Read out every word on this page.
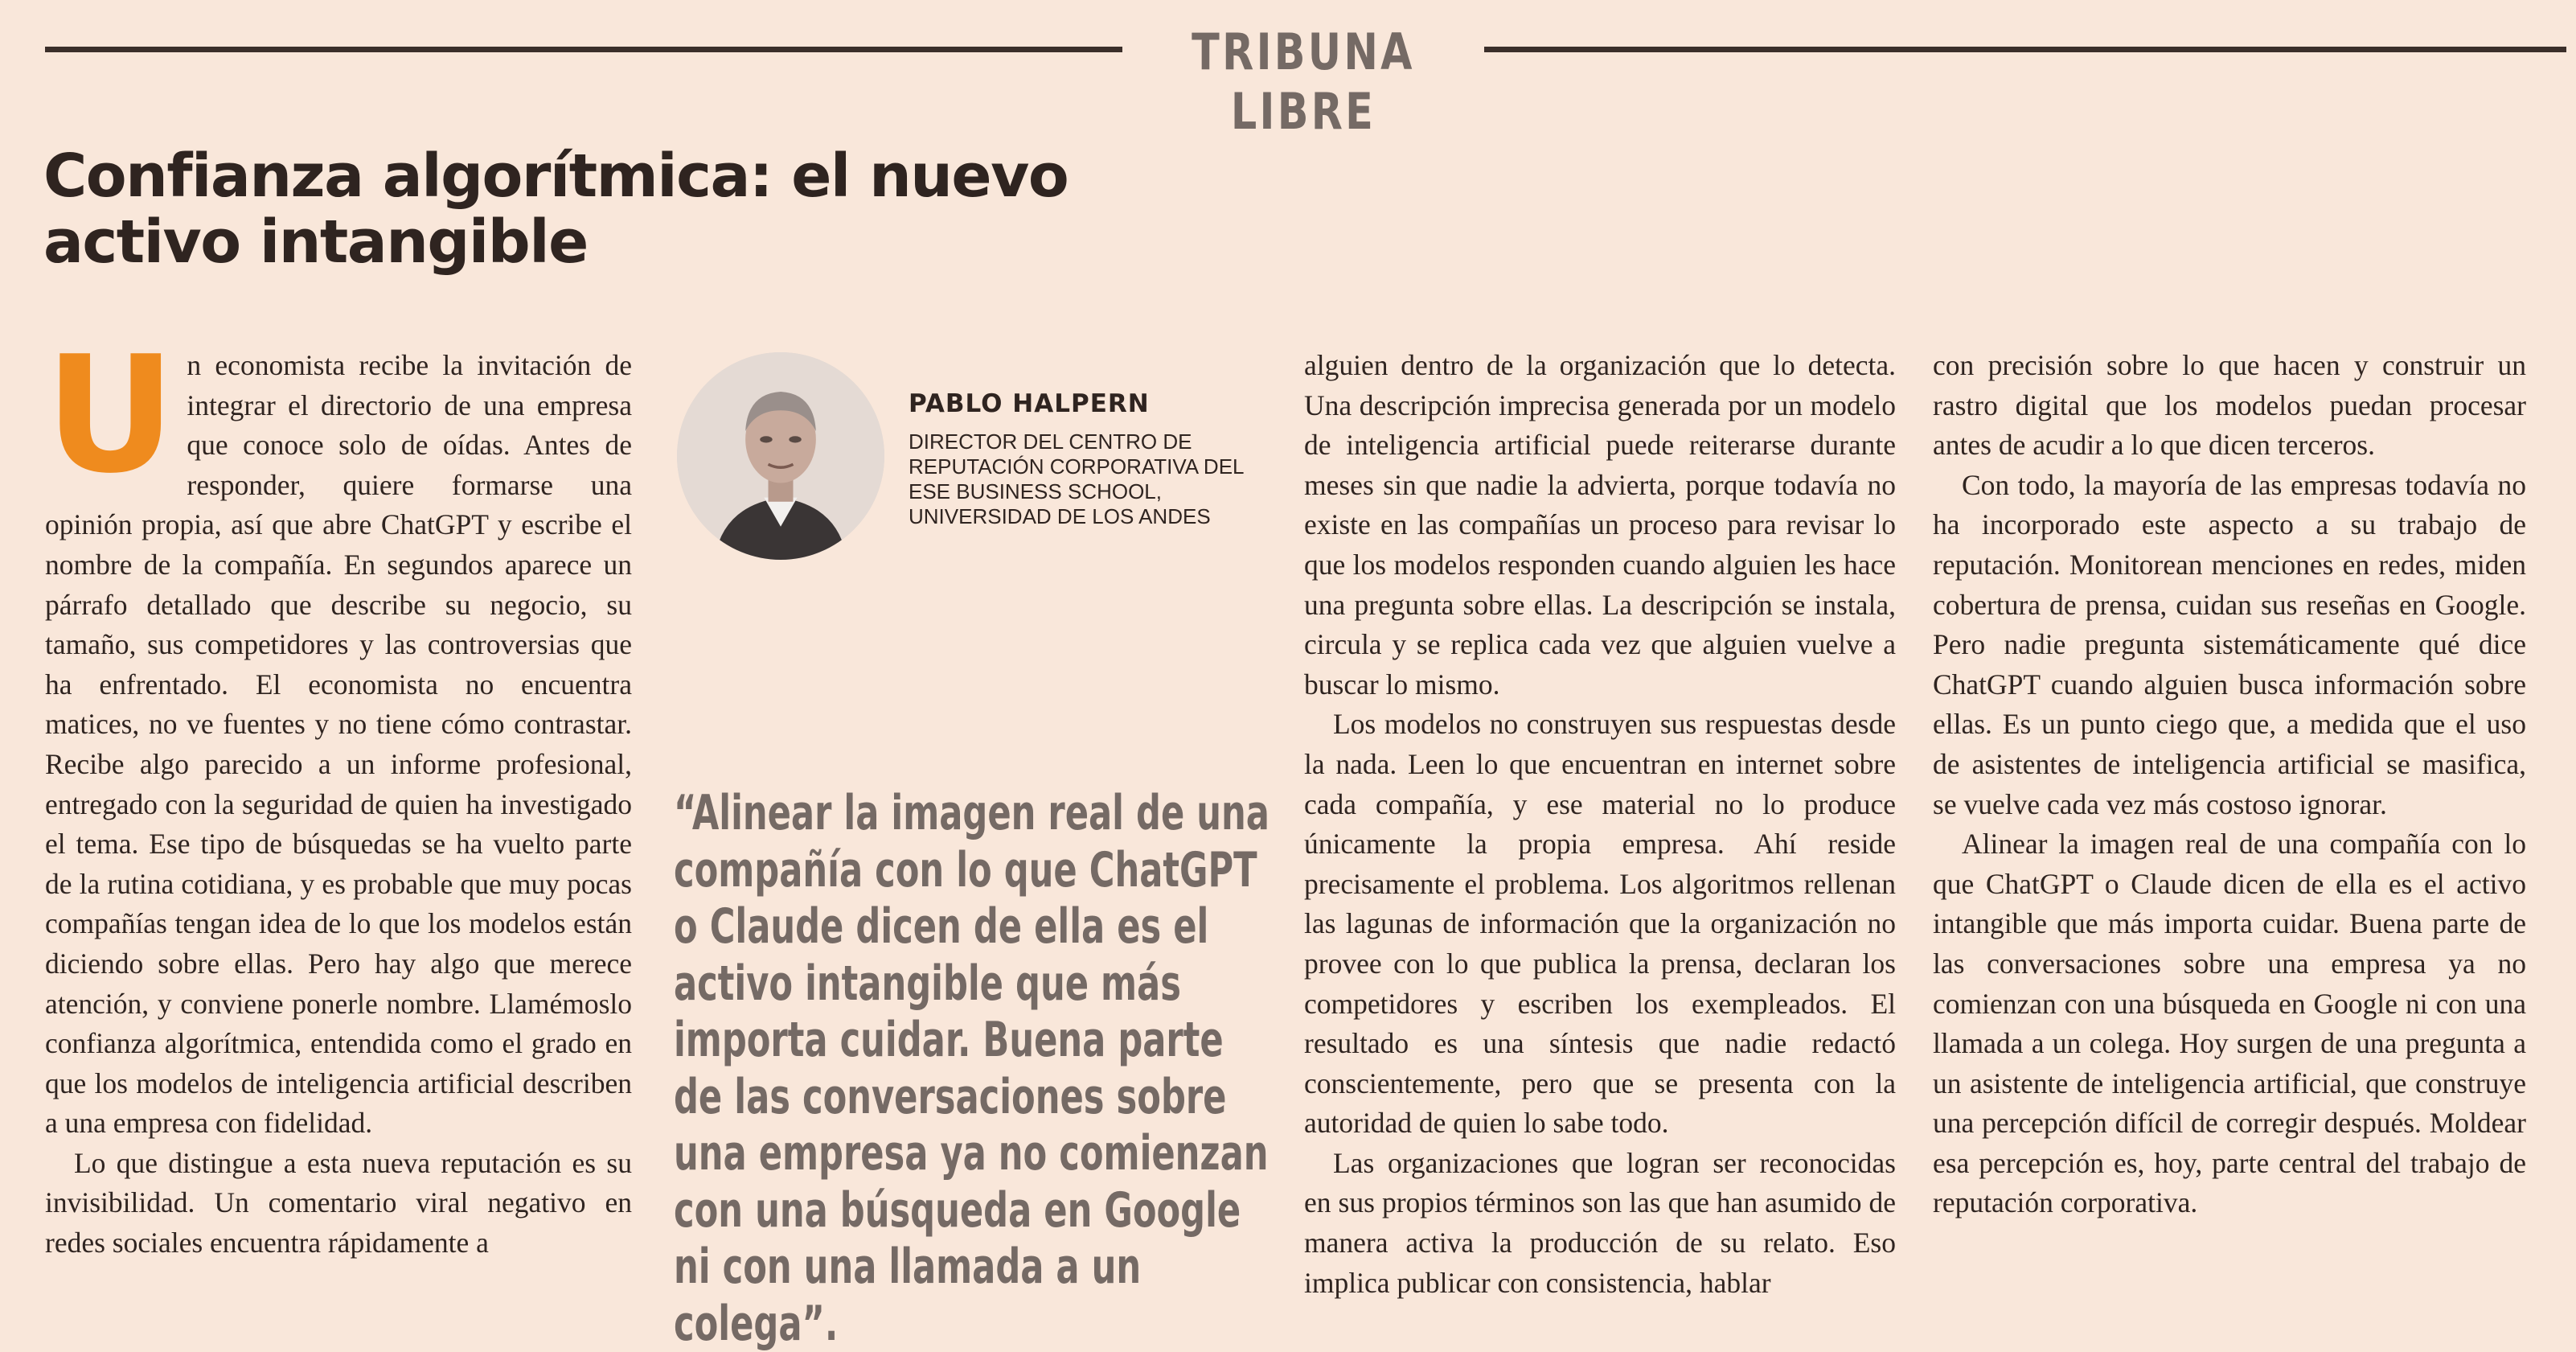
TRIBUNA LIBRE
Confianza algorítmica: el nuevo activo intangible

Un economista recibe la invitación de integrar el directorio de una empresa que conoce solo de oídas. Antes de responder, quiere formarse una opinión propia, así que abre ChatGPT y escribe el nombre de la compañía. En segundos aparece un párrafo detallado que describe su negocio, su tamaño, sus competidores y las controversias que ha enfrentado. El economista no encuentra matices, no ve fuentes y no tiene cómo contrastar. Recibe algo parecido a un informe profesional, entregado con la seguridad de quien ha investigado el tema. Ese tipo de búsquedas se ha vuelto parte de la rutina cotidiana, y es probable que muy pocas compañías tengan idea de lo que los modelos están diciendo sobre ellas. Pero hay algo que merece atención, y conviene ponerle nombre. Llamémoslo confianza algorítmica, entendida como el grado en que los modelos de inteligencia artificial describen a una empresa con fidelidad.

Lo que distingue a esta nueva reputación es su invisibilidad. Un comentario viral negativo en redes sociales encuentra rápidamente a

PABLO HALPERN
DIRECTOR DEL CENTRO DE REPUTACIÓN CORPORATIVA DEL ESE BUSINESS SCHOOL, UNIVERSIDAD DE LOS ANDES

“Alinear la imagen real de una compañía con lo que ChatGPT o Claude dicen de ella es el activo intangible que más importa cuidar. Buena parte de las conversaciones sobre una empresa ya no comienzan con una búsqueda en Google ni con una llamada a un colega”.

alguien dentro de la organización que lo detecta. Una descripción imprecisa generada por un modelo de inteligencia artificial puede reiterarse durante meses sin que nadie la advierta, porque todavía no existe en las compañías un proceso para revisar lo que los modelos responden cuando alguien les hace una pregunta sobre ellas. La descripción se instala, circula y se replica cada vez que alguien vuelve a buscar lo mismo.

Los modelos no construyen sus respuestas desde la nada. Leen lo que encuentran en internet sobre cada compañía, y ese material no lo produce únicamente la propia empresa. Ahí reside precisamente el problema. Los algoritmos rellenan las lagunas de información que la organización no provee con lo que publica la prensa, declaran los competidores y escriben los exempleados. El resultado es una síntesis que nadie redactó conscientemente, pero que se presenta con la autoridad de quien lo sabe todo.

Las organizaciones que logran ser reconocidas en sus propios términos son las que han asumido de manera activa la producción de su relato. Eso implica publicar con consistencia, hablar

con precisión sobre lo que hacen y construir un rastro digital que los modelos puedan procesar antes de acudir a lo que dicen terceros.

Con todo, la mayoría de las empresas todavía no ha incorporado este aspecto a su trabajo de reputación. Monitorean menciones en redes, miden cobertura de prensa, cuidan sus reseñas en Google. Pero nadie pregunta sistemáticamente qué dice ChatGPT cuando alguien busca información sobre ellas. Es un punto ciego que, a medida que el uso de asistentes de inteligencia artificial se masifica, se vuelve cada vez más costoso ignorar.

Alinear la imagen real de una compañía con lo que ChatGPT o Claude dicen de ella es el activo intangible que más importa cuidar. Buena parte de las conversaciones sobre una empresa ya no comienzan con una búsqueda en Google ni con una llamada a un colega. Hoy surgen de una pregunta a un asistente de inteligencia artificial, que construye una percepción difícil de corregir después. Moldear esa percepción es, hoy, parte central del trabajo de reputación corporativa.
